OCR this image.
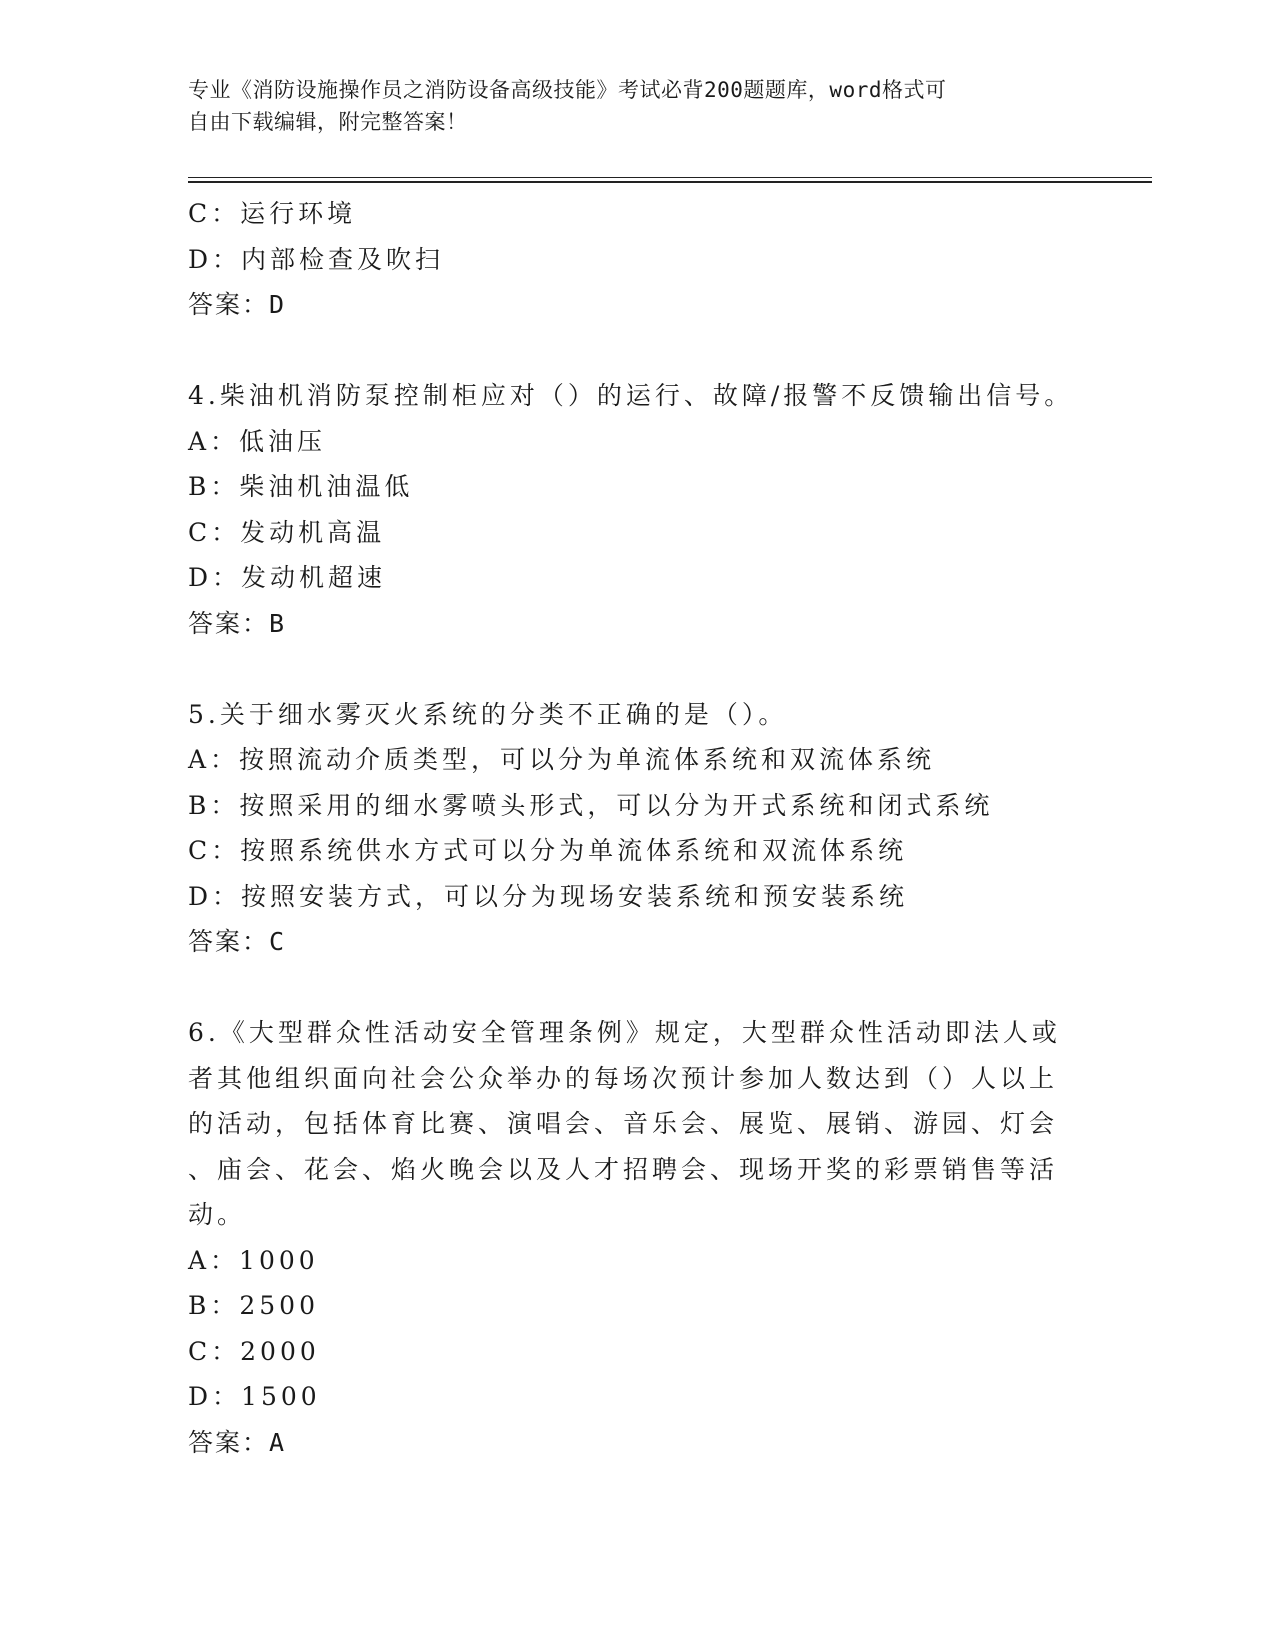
专业《消防设施操作员之消防设备高级技能》考试必背200题题库，word格式可
自由下载编辑，附完整答案！
C：运行环境
D：内部检查及吹扫
答案：D
4.柴油机消防泵控制柜应对（）的运行、故障/报警不反馈输出信号。
A：低油压
B：柴油机油温低
C：发动机高温
D：发动机超速
答案：B
5.关于细水雾灭火系统的分类不正确的是（）。
A：按照流动介质类型，可以分为单流体系统和双流体系统
B：按照采用的细水雾喷头形式，可以分为开式系统和闭式系统
C：按照系统供水方式可以分为单流体系统和双流体系统
D：按照安装方式，可以分为现场安装系统和预安装系统
答案：C
6.《大型群众性活动安全管理条例》规定，大型群众性活动即法人或
者其他组织面向社会公众举办的每场次预计参加人数达到（）人以上
的活动，包括体育比赛、演唱会、音乐会、展览、展销、游园、灯会
、庙会、花会、焰火晚会以及人才招聘会、现场开奖的彩票销售等活
动。
A：1000
B：2500
C：2000
D：1500
答案：A
